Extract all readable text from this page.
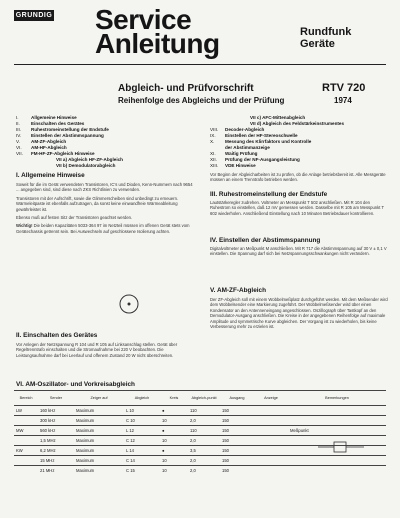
GRUNDIG Service
Anleitung	Rundfunk
Geräte
Abgleich- und Prüfvorschrift	RTV 720
Reihenfolge des Abgleichs und der Prüfung	1974
I.	Allgemeine Hinweise
II. Einschalten des Gerätes
III. Ruhestromeinstellung der Endstufe
IV. Einstellen der Abstimmspannung
V. AM-ZF-Abgleich
VI. AM-HF-Abgleich
VII. FM-HF-ZF-Abgleich Hinweise
VII a) Abgleich HF-ZF-Abgleich
VII b) Demodulatorabgleich
VII c) AFC-Mittenabgleich
VII d) Abgleich des Feldstärkeinstrumentes
VIII. Decoder-Abgleich
IX. Einstellen der HF-Stereoschwelle
X. Messung des Klirrfaktors und Kontrolle
der Abstimmanzeige
XI. Waitig Prüfung
XII. Prüfung der NF-Ausgangsleistung
XIII. VDE Hinweise
I. Allgemeine Hinweise

Soweit für die im Gerät verwendeten Transistoren, IC's und Dioden, Kenn-Nummern nach 9654 ... angegeben sind, sind diese nach ZKS Richtlinien zu verwenden.

Transistoren mit der Aufschrift, sowie die Glimmerscheiben sind unbedingt zu erneuern. Wärmeleitpaste ist ebenfalls aufzutragen, da sonst keine einwandfreie Wärmeableitung gewährleistet ist.

Ebenso muß auf festen Sitz der Transistoren geachtet werden.

Wichtig! Die beiden Kapazitäten 5033-364 97 im Netzteil müssen im offenen Gerät stets vom Gerätechassis getrennt sein. Bei Auswechseln auf geschlossene Isolierung achten.

II. Einschalten des Gerätes
Vor Anlegen der Netzspannung R 104 und R 105 auf Linksanschlag stellen. Gerät über Regeltrenntrafo einschalten und die Stromaufnahme bei 220 V beobachten. Die Leistungsaufnahme darf bei Leerlauf und offenem Zustand 20 W nicht überschreiten.
Vor Beginn der Abgleicharbeiten ist zu prüfen, ob die Anlage betriebsbereit ist. Alle Messgeräte müssen an einem Trenntrafo betrieben werden.
III. Ruhestromeinstellung der Endstufe
Lautstärkeregler zudrehen. Voltmeter an Messpunkt T 502 anschließen. Mit R 104 den Ruhestrom so einstellen, daß 12 mV gemessen werden. Dasselbe mit R 105 am Messpunkt T 602 wiederholen. Anschließend Einstellung nach 10 Minuten Betriebsdauer kontrollieren.
IV. Einstellen der Abstimmspannung
Digitalvoltmeter an Meßpunkt M anschließen. Mit R 717 die Abstimmspannung auf 30 V ± 0,1 V einstellen. Die Spannung darf sich bei Netzspannungsschwankungen nicht verändern.
V. AM-ZF-Abgleich
Der ZF-Abgleich soll mit einem Wobbelmeßplatz durchgeführt werden. Mit dem Meßsender wird dem Wobbelsender eine Markierung zugeführt. Der Wobbelmeßsender wird über einen Kondensator an den Antenneneingang angeschlossen. Oszillograph über Tastkopf an den Demodulator-Ausgang anschließen. Die Kreise in der angegebenen Reihenfolge auf maximale Amplitude und symmetrische Kurve abgleichen. Der Vorgang ist zu wiederholen, bis keine Verbesserung mehr zu erzielen ist.
VI. AM-Oszillator- und Vorkreisabgleich
Bereich	Sender	Zeiger auf	Abgleich	Kreis	Abgleich-punkt	Ausgang	Anzeige	Bemerkungen
LW	160 kHz	Maximum	L 10	●	110	150		
	300 kHz	Maximum	C 10	10	2,0	150		
MW	560 kHz	Maximum	L 12	●	110	150		Meßpunkt
	1,5 MHz	Maximum	C 12	10	2,0	150		
KW	6,2 MHz	Maximum	L 14	●	3,5	150		
	15 MHz	Maximum	C 14	10	2,0	150		
	21 MHz	Maximum	C 15	10	2,0	150		
